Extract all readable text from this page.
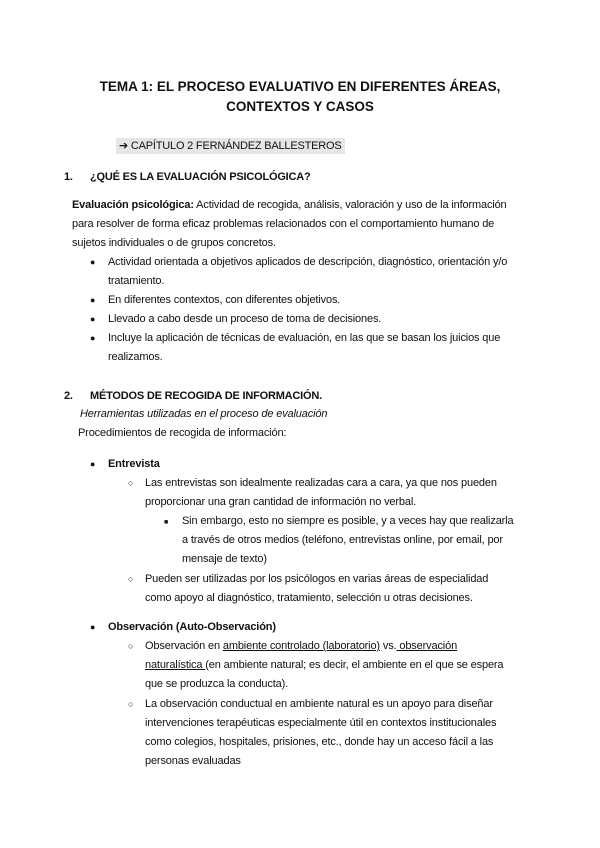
TEMA 1: EL PROCESO EVALUATIVO EN DIFERENTES ÁREAS,
CONTEXTOS Y CASOS
➔ CAPÍTULO 2 FERNÁNDEZ BALLESTEROS
1. ¿QUÉ ES LA EVALUACIÓN PSICOLÓGICA?
Evaluación psicológica: Actividad de recogida, análisis, valoración y uso de la información
para resolver de forma eficaz problemas relacionados con el comportamiento humano de
sujetos individuales o de grupos concretos.
● Actividad orientada a objetivos aplicados de descripción, diagnóstico, orientación y/o
tratamiento.
● En diferentes contextos, con diferentes objetivos.
● Llevado a cabo desde un proceso de toma de decisiones.
● Incluye la aplicación de técnicas de evaluación, en las que se basan los juicios que
realizamos.
2. MÉTODOS DE RECOGIDA DE INFORMACIÓN.
Herramientas utilizadas en el proceso de evaluación
Procedimientos de recogida de información:
● Entrevista
○ Las entrevistas son idealmente realizadas cara a cara, ya que nos pueden
proporcionar una gran cantidad de información no verbal.
■ Sin embargo, esto no siempre es posible, y a veces hay que realizarla
a través de otros medios (teléfono, entrevistas online, por email, por
mensaje de texto)
○ Pueden ser utilizadas por los psicólogos en varias áreas de especialidad
como apoyo al diagnóstico, tratamiento, selección u otras decisiones.
● Observación (Auto-Observación)
○ Observación en ambiente controlado (laboratorio) vs. observación
naturalística (en ambiente natural; es decir, el ambiente en el que se espera
que se produzca la conducta).
○ La observación conductual en ambiente natural es un apoyo para diseñar
intervenciones terapéuticas especialmente útil en contextos institucionales
como colegios, hospitales, prisiones, etc., donde hay un acceso fácil a las
personas evaluadas
